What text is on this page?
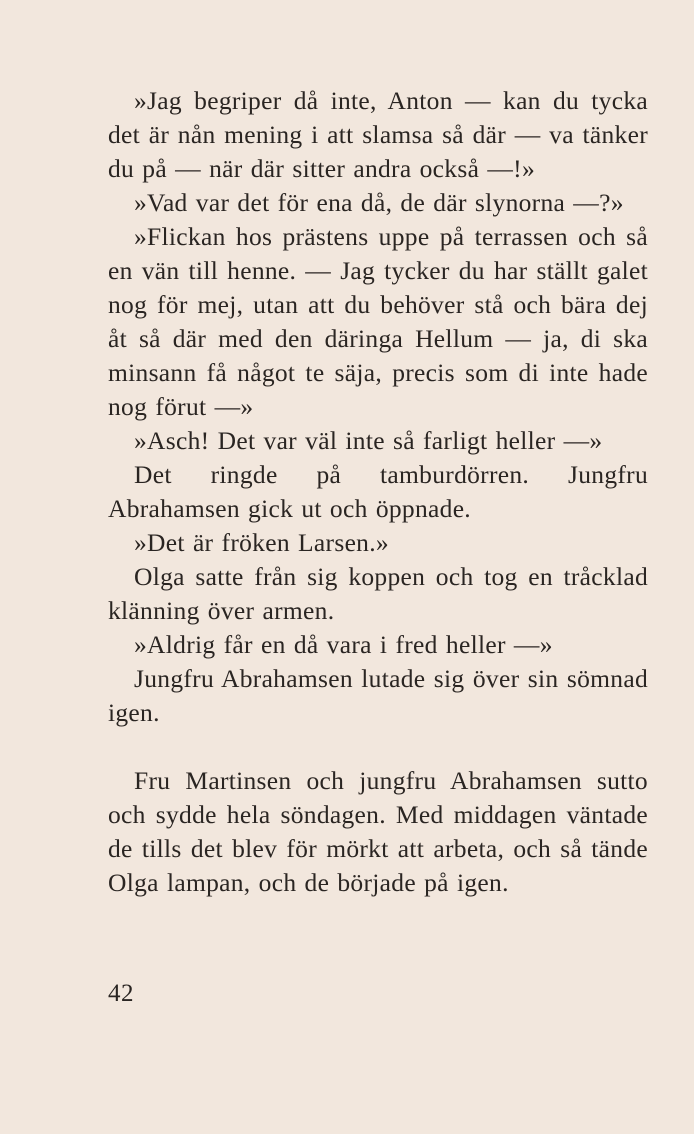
»Jag begriper då inte, Anton — kan du tycka det är nån mening i att slamsa så där — va tänker du på — när där sitter andra också —!»

»Vad var det för ena då, de där slynorna —?»

»Flickan hos prästens uppe på terrassen och så en vän till henne. — Jag tycker du har ställt galet nog för mej, utan att du behöver stå och bära dej åt så där med den däringa Hellum — ja, di ska minsann få något te säja, precis som di inte hade nog förut —»

»Asch! Det var väl inte så farligt heller —»

Det ringde på tamburdörren. Jungfru Abrahamsen gick ut och öppnade.

»Det är fröken Larsen.»

Olga satte från sig koppen och tog en tråcklad klänning över armen.

»Aldrig får en då vara i fred heller —»

Jungfru Abrahamsen lutade sig över sin sömnad igen.

Fru Martinsen och jungfru Abrahamsen sutto och sydde hela söndagen. Med middagen väntade de tills det blev för mörkt att arbeta, och så tände Olga lampan, och de började på igen.

42
